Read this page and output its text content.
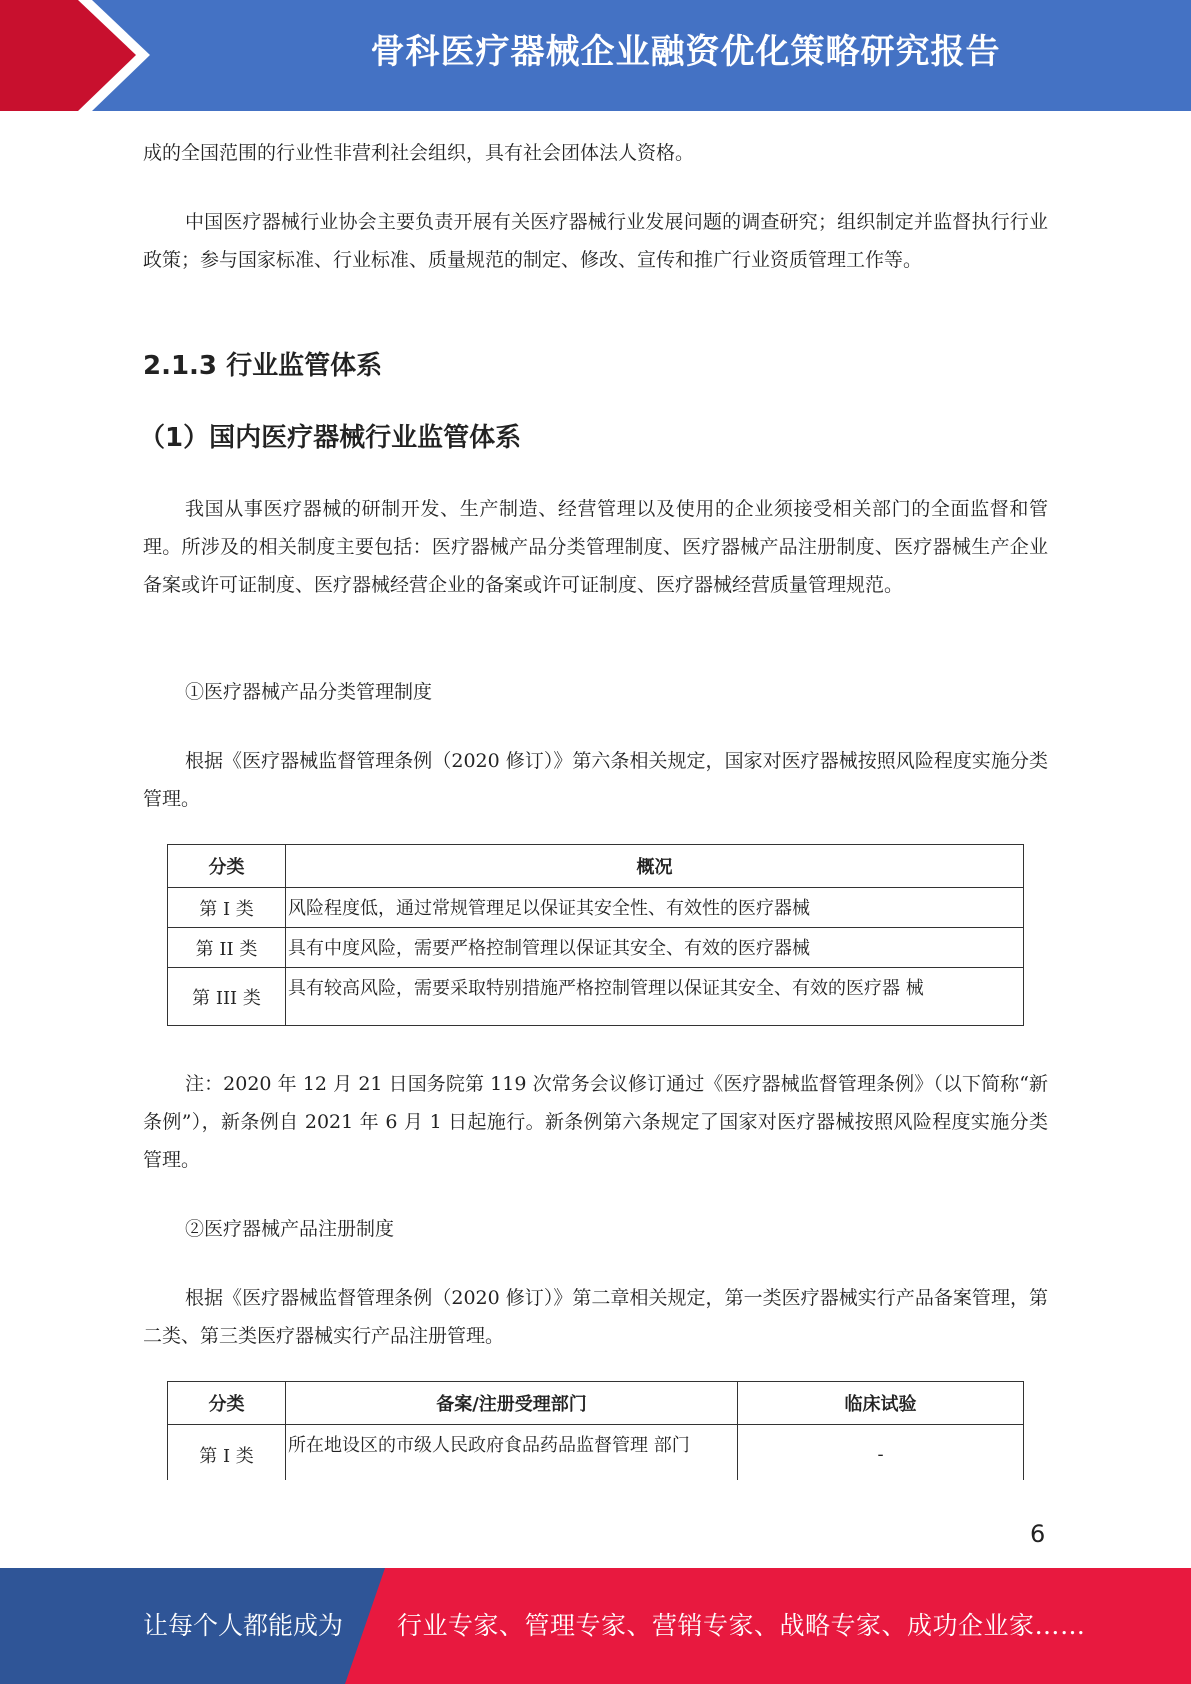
骨科医疗器械企业融资优化策略研究报告

成的全国范围的行业性非营利社会组织，具有社会团体法人资格。

中国医疗器械行业协会主要负责开展有关医疗器械行业发展问题的调查研究；组织制定并监督执行行业政策；参与国家标准、行业标准、质量规范的制定、修改、宣传和推广行业资质管理工作等。

2.1.3 行业监管体系
（1）国内医疗器械行业监管体系

我国从事医疗器械的研制开发、生产制造、经营管理以及使用的企业须接受相关部门的全面监督和管理。所涉及的相关制度主要包括：医疗器械产品分类管理制度、医疗器械产品注册制度、医疗器械生产企业备案或许可证制度、医疗器械经营企业的备案或许可证制度、医疗器械经营质量管理规范。

①医疗器械产品分类管理制度

根据《医疗器械监督管理条例（2020 修订）》第六条相关规定，国家对医疗器械按照风险程度实施分类管理。

分类	概况
第 I 类	风险程度低，通过常规管理足以保证其安全性、有效性的医疗器械
第 II 类	具有中度风险，需要严格控制管理以保证其安全、有效的医疗器械
第 III 类	具有较高风险，需要采取特别措施严格控制管理以保证其安全、有效的医疗器 械

注：2020 年 12 月 21 日国务院第 119 次常务会议修订通过《医疗器械监督管理条例》（以下简称“新条例”），新条例自 2021 年 6 月 1 日起施行。新条例第六条规定了国家对医疗器械按照风险程度实施分类管理。

②医疗器械产品注册制度

根据《医疗器械监督管理条例（2020 修订）》第二章相关规定，第一类医疗器械实行产品备案管理，第二类、第三类医疗器械实行产品注册管理。

分类	备案/注册受理部门	临床试验
第 I 类	所在地设区的市级人民政府食品药品监督管理 部门	-
6
让每个人都能成为 行业专家、管理专家、营销专家、战略专家、成功企业家……
